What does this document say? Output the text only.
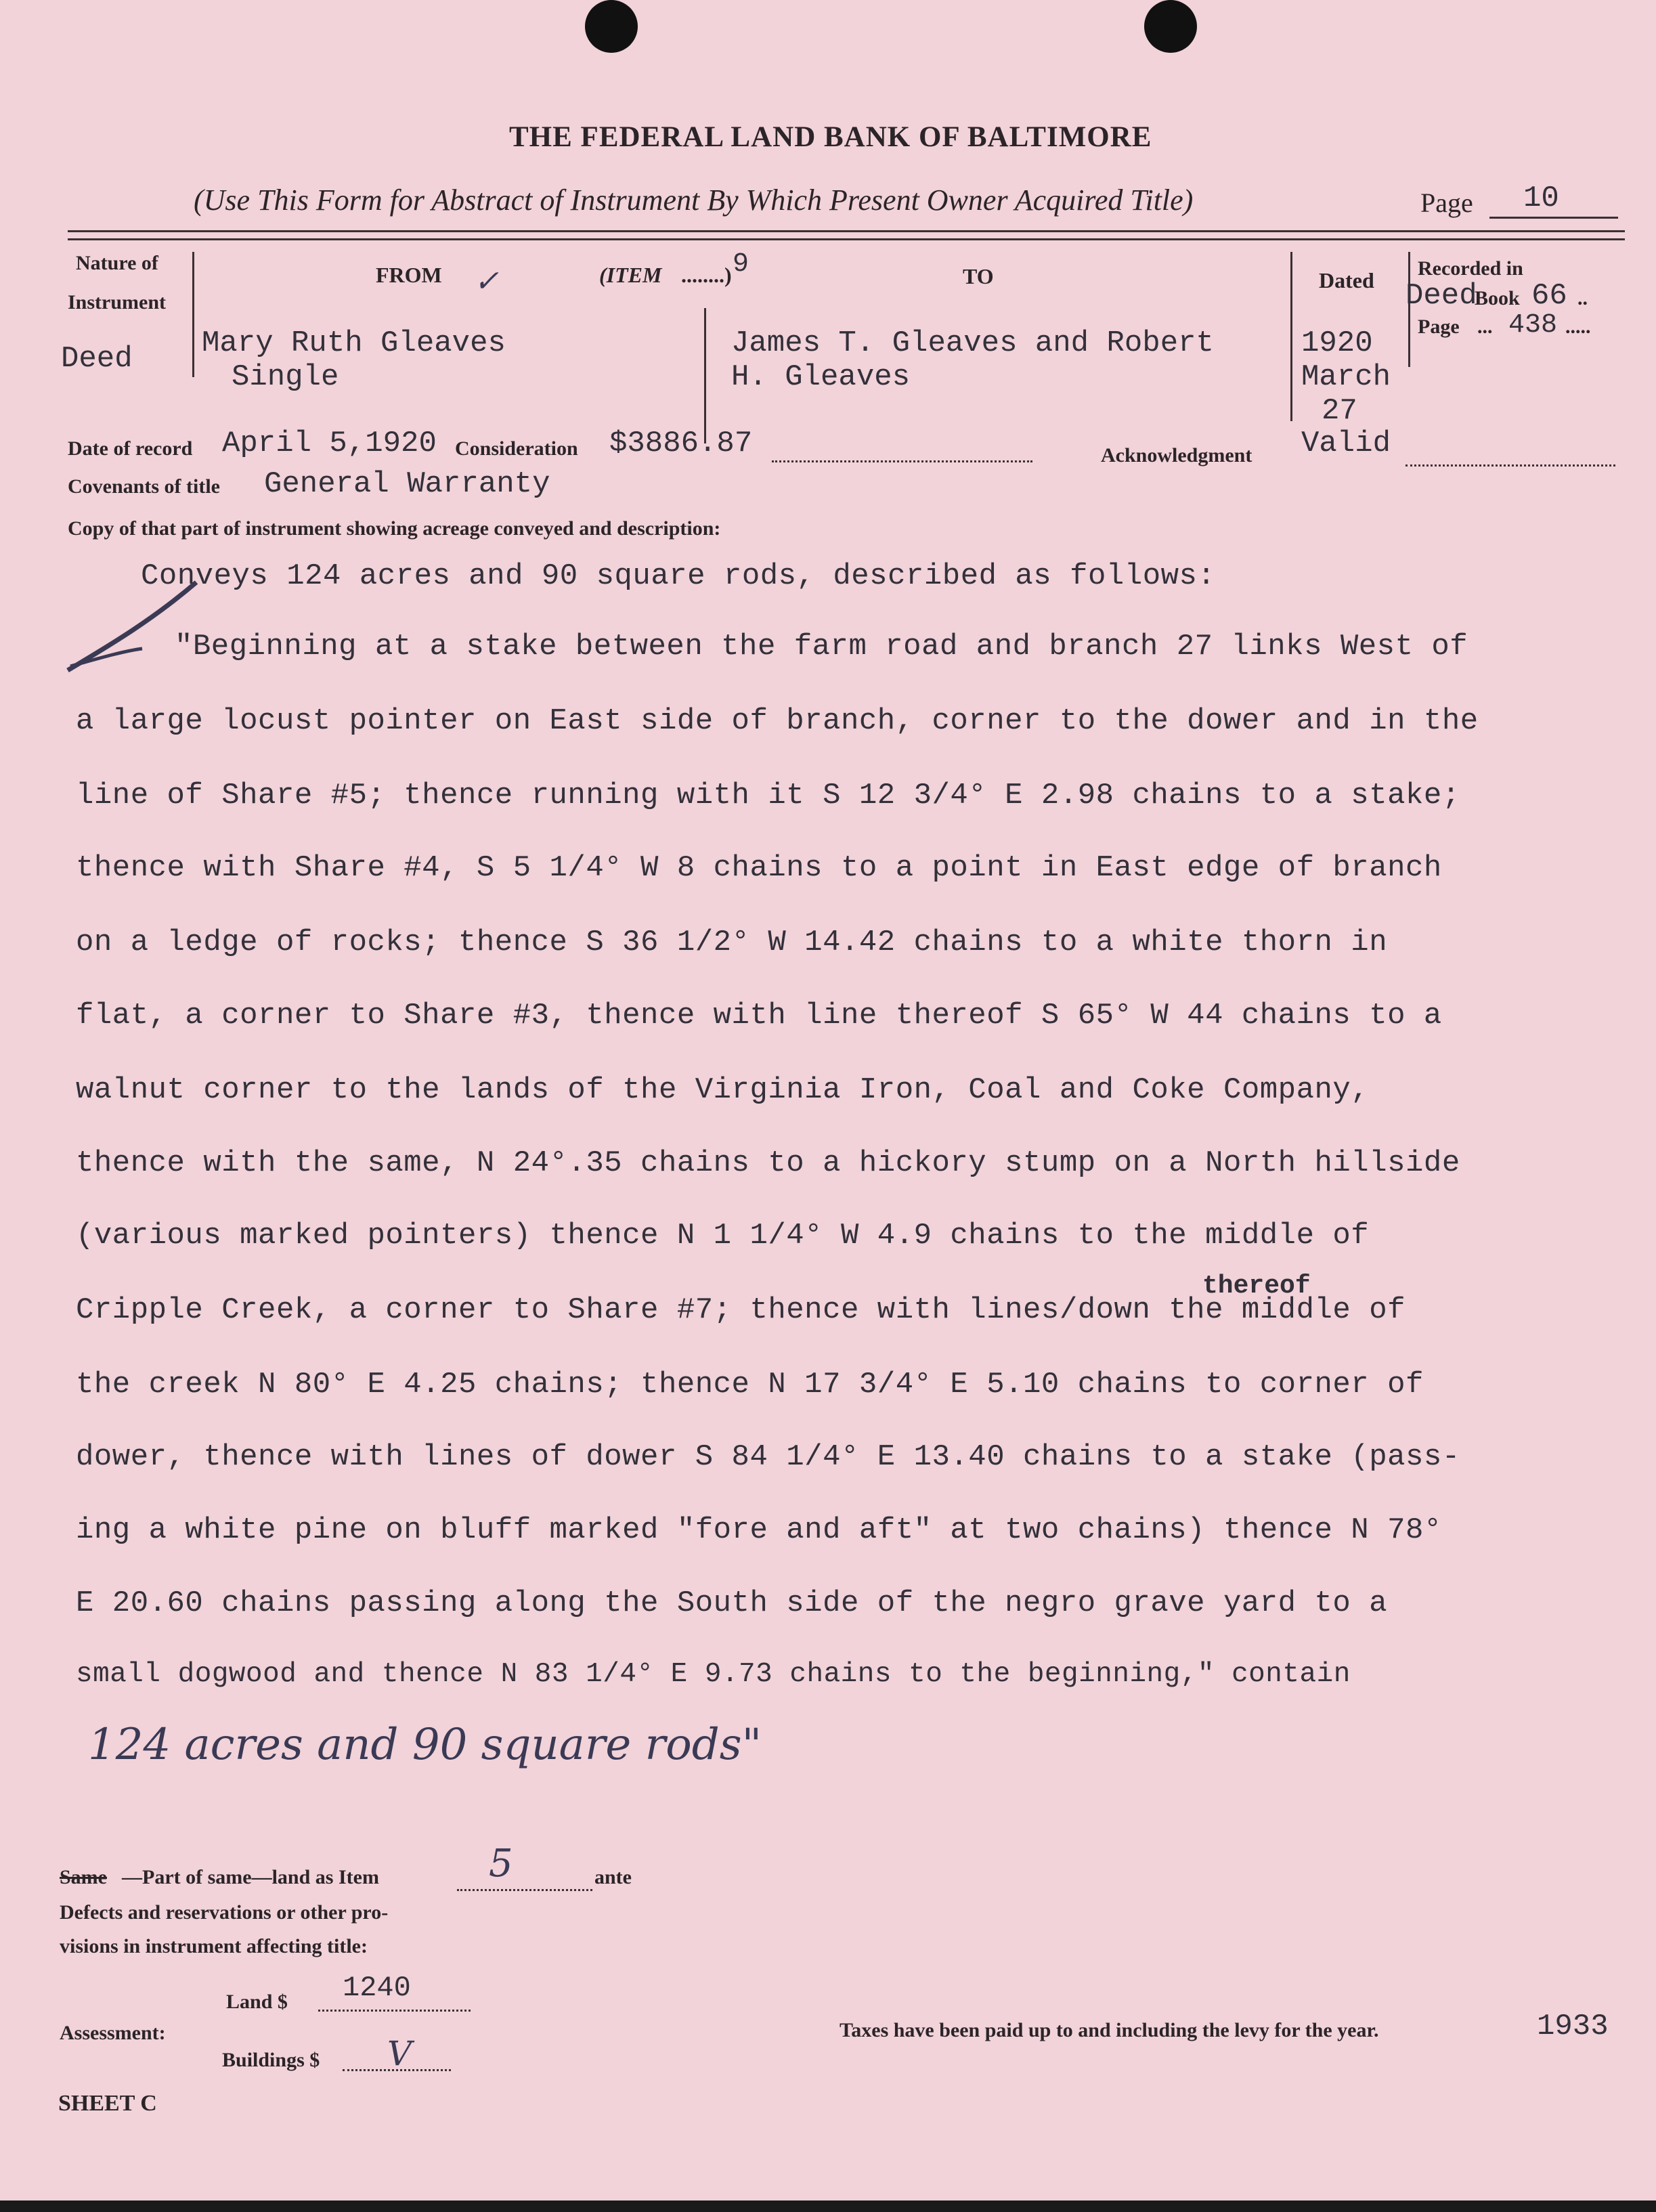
THE FEDERAL LAND BANK OF BALTIMORE
(Use This Form for Abstract of Instrument By Which Present Owner Acquired Title)	Page 10
Nature of
Instrument
Deed
FROM ✓
Mary Ruth Gleaves
Single
(ITEM ........) 9	TO
James T. Gleaves and Robert
H. Gleaves
Dated
1920
March
27
Recorded in
Deed
Book 66 ..
Page ... 438 .....
Date of record April 5,1920 Consideration $3886.87	Acknowledgment Valid
Covenants of title General Warranty
Copy of that part of instrument showing acreage conveyed and description:
Conveys 124 acres and 90 square rods, described as follows:
"Beginning at a stake between the farm road and branch 27 links West of
a large locust pointer on East side of branch, corner to the dower and in the
line of Share #5; thence running with it S 12 3/4° E 2.98 chains to a stake;
thence with Share #4, S 5 1/4° W 8 chains to a point in East edge of branch
on a ledge of rocks; thence S 36 1/2° W 14.42 chains to a white thorn in
flat, a corner to Share #3, thence with line thereof S 65° W 44 chains to a
walnut corner to the lands of the Virginia Iron, Coal and Coke Company,
thence with the same, N 24°.35 chains to a hickory stump on a North hillside
(various marked pointers) thence N 1 1/4° W 4.9 chains to the middle of
thereof
Cripple Creek, a corner to Share #7; thence with lines/down the middle of
the creek N 80° E 4.25 chains; thence N 17 3/4° E 5.10 chains to corner of
dower, thence with lines of dower S 84 1/4° E 13.40 chains to a stake (pass-
ing a white pine on bluff marked "fore and aft" at two chains) thence N 78°
E 20.60 chains passing along the South side of the negro grave yard to a
small dogwood and thence N 83 1/4° E 9.73 chains to the beginning," contain
124 acres and 90 square rods"
Same —Part of same—land as Item	5	ante
Defects and reservations or other pro-
visions in instrument affecting title:
Land $ 1240
Assessment:
Buildings $ V
Taxes have been paid up to and including the levy for the year.	1933
SHEET C
